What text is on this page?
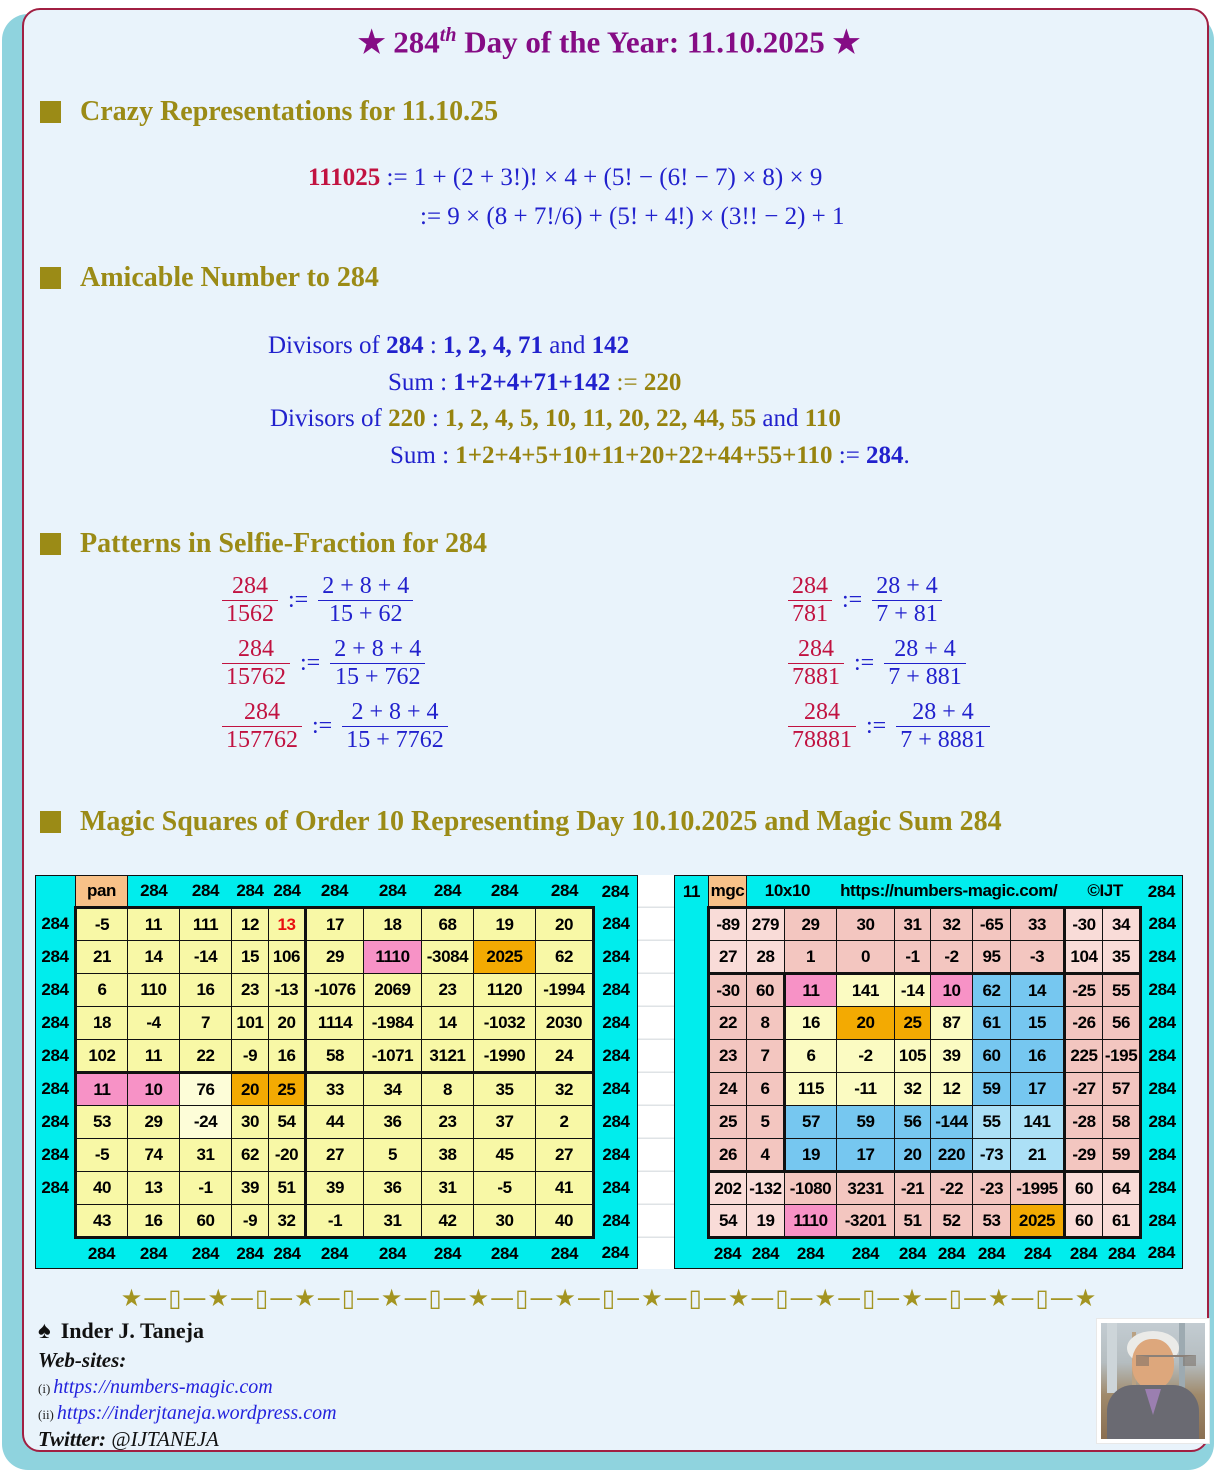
★ 284th Day of the Year: 11.10.2025 ★
Crazy Representations for 11.10.25
111025 := 1 + (2 + 3!)! × 4 + (5! − (6! − 7) × 8) × 9
:= 9 × (8 + 7!/6) + (5! + 4!) × (3!! − 2) + 1
Amicable Number to 284
Divisors of 284 : 1, 2, 4, 71 and 142
Sum : 1+2+4+71+142 := 220
Divisors of 220 : 1, 2, 4, 5, 10, 11, 20, 22, 44, 55 and 110
Sum : 1+2+4+5+10+11+20+22+44+55+110 := 284.
Patterns in Selfie-Fraction for 284
$\frac{284}{1562}$ := $\frac{2 + 8 + 4}{15 + 62}$
$\frac{284}{15762}$ := $\frac{2 + 8 + 4}{15 + 762}$
$\frac{284}{157762}$ := $\frac{2 + 8 + 4}{15 + 7762}$
$\frac{284}{781}$ := $\frac{28 + 4}{7 + 81}$
$\frac{284}{7881}$ := $\frac{28 + 4}{7 + 881}$
$\frac{284}{78881}$ := $\frac{28 + 4}{7 + 8881}$
Magic Squares of Order 10 Representing Day 10.10.2025 and Magic Sum 284
	pan	284	284	284	284	284	284	284	284	284	284
284	-5	11	111	12	13	17	18	68	19	20	284
284	21	14	-14	15	106	29	1110	-3084	2025	62	284
284	6	110	16	23	-13	-1076	2069	23	1120	-1994	284
284	18	-4	7	101	20	1114	-1984	14	-1032	2030	284
284	102	11	22	-9	16	58	-1071	3121	-1990	24	284
284	11	10	76	20	25	33	34	8	35	32	284
284	53	29	-24	30	54	44	36	23	37	2	284
284	-5	74	31	62	-20	27	5	38	45	27	284
284	40	13	-1	39	51	39	36	31	-5	41	284
	43	16	60	-9	32	-1	31	42	30	40	284
	284	284	284	284	284	284	284	284	284	284	284
11	mgc	10x10 https://numbers-magic.com/ ©IJT									284
	-89	279	29	30	31	32	-65	33	-30	34	284
	27	28	1	0	-1	-2	95	-3	104	35	284
	-30	60	11	141	-14	10	62	14	-25	55	284
	22	8	16	20	25	87	61	15	-26	56	284
	23	7	6	-2	105	39	60	16	225	-195	284
	24	6	115	-11	32	12	59	17	-27	57	284
	25	5	57	59	56	-144	55	141	-28	58	284
	26	4	19	17	20	220	-73	21	-29	59	284
	202	-132	-1080	3231	-21	-22	-23	-1995	60	64	284
	54	19	1110	-3201	51	52	53	2025	60	61	284
	284	284	284	284	284	284	284	284	284	284	284
★—▯—★—▯—★—▯—★—▯—★—▯—★—▯—★—▯—★—▯—★—▯—★—▯—★—▯—★
♠ Inder J. Taneja
Web-sites:
(i) https://numbers-magic.com
(ii) https://inderjtaneja.wordpress.com
Twitter: @IJTANEJA
